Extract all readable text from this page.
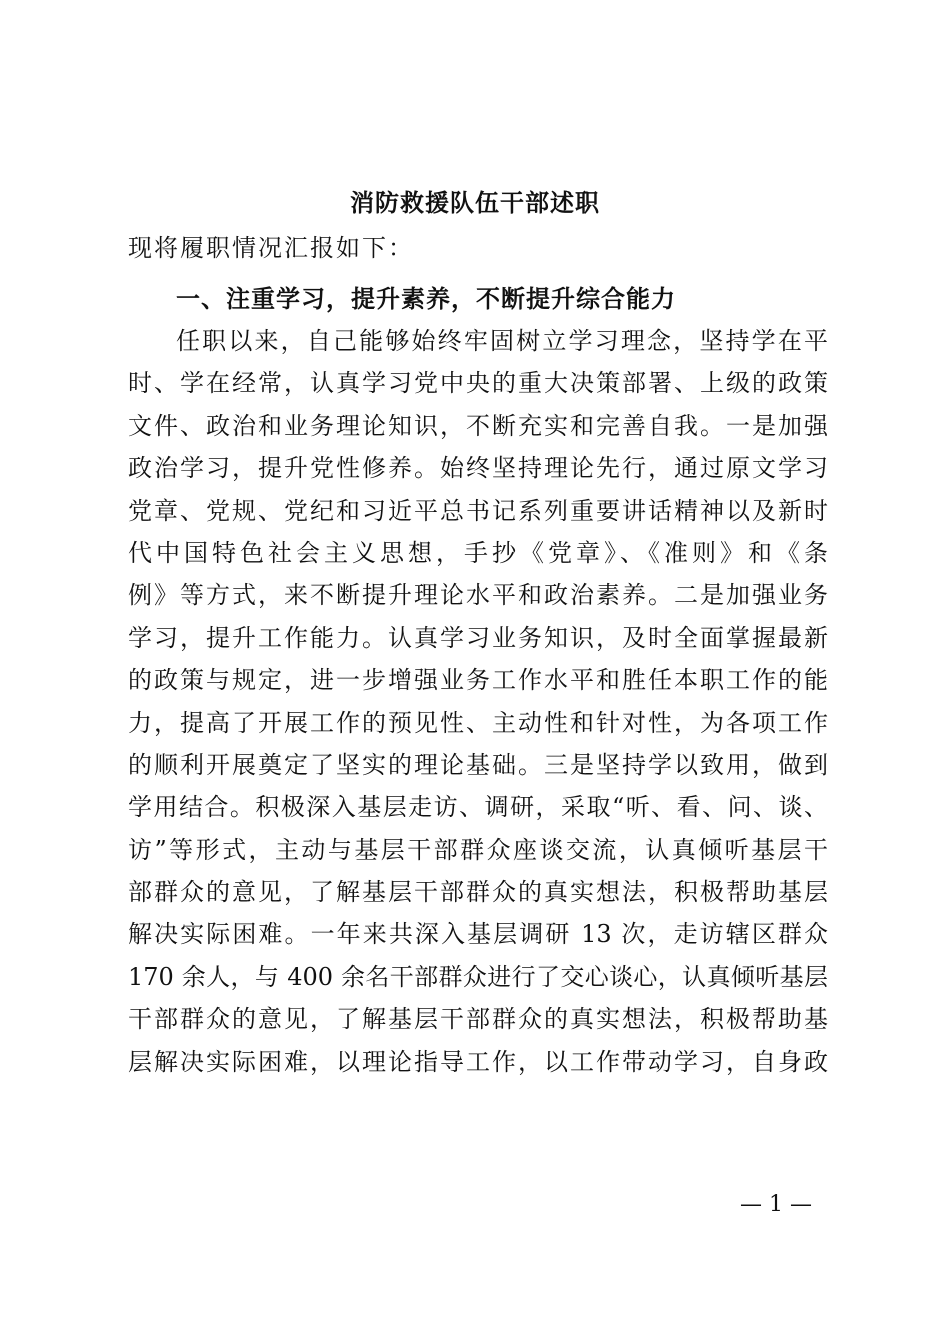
消防救援队伍干部述职
现将履职情况汇报如下：
一、注重学习，提升素养，不断提升综合能力
任职以来，自己能够始终牢固树立学习理念，坚持学在平
时、学在经常，认真学习党中央的重大决策部署、上级的政策
文件、政治和业务理论知识，不断充实和完善自我。一是加强
政治学习，提升党性修养。始终坚持理论先行，通过原文学习
党章、党规、党纪和习近平总书记系列重要讲话精神以及新时
代中国特色社会主义思想，手抄《党章》、《准则》和《条
例》等方式，来不断提升理论水平和政治素养。二是加强业务
学习，提升工作能力。认真学习业务知识，及时全面掌握最新
的政策与规定，进一步增强业务工作水平和胜任本职工作的能
力，提高了开展工作的预见性、主动性和针对性，为各项工作
的顺利开展奠定了坚实的理论基础。三是坚持学以致用，做到
学用结合。积极深入基层走访、调研，采取“听、看、问、谈、
访”等形式，主动与基层干部群众座谈交流，认真倾听基层干
部群众的意见，了解基层干部群众的真实想法，积极帮助基层
解决实际困难。一年来共深入基层调研 13 次，走访辖区群众
170 余人，与 400 余名干部群众进行了交心谈心，认真倾听基层
干部群众的意见，了解基层干部群众的真实想法，积极帮助基
层解决实际困难，以理论指导工作，以工作带动学习，自身政
— 1 —
